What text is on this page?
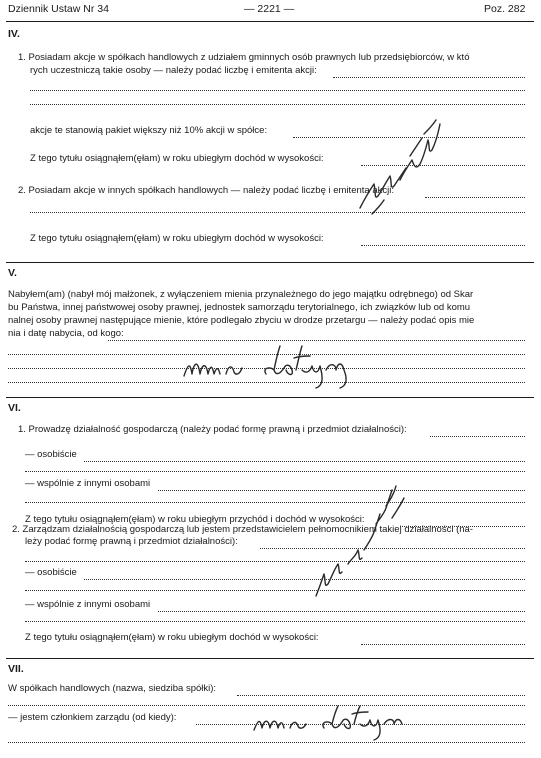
Dziennik Ustaw Nr 34	— 2221 —	Poz. 282
IV.
1. Posiadam akcje w spółkach handlowych z udziałem gminnych osób prawnych lub przedsiębiorców, w któ
rych uczestniczą takie osoby — należy podać liczbę i emitenta akcji:
akcje te stanowią pakiet większy niż 10% akcji w spółce:
Z tego tytułu osiągnąłem(ęłam) w roku ubiegłym dochód w wysokości:
2. Posiadam akcje w innych spółkach handlowych — należy podać liczbę i emitenta akcji:
Z tego tytułu osiągnąłem(ęłam) w roku ubiegłym dochód w wysokości:
V.
Nabyłem(am) (nabył mój małżonek, z wyłączeniem mienia przynależnego do jego majątku odrębnego) od Skar
bu Państwa, innej państwowej osoby prawnej, jednostek samorządu terytorialnego, ich związków lub od komu
nalnej osoby prawnej następujące mienie, które podlegało zbyciu w drodze przetargu — należy podać opis mie
nia i datę nabycia, od kogo:
VI.
1. Prowadzę działalność gospodarczą (należy podać formę prawną i przedmiot działalności):
— osobiście
— wspólnie z innymi osobami
Z tego tytułu osiągnąłem(ęłam) w roku ubiegłym przychód i dochód w wysokości:
2. Zarządzam działalnością gospodarczą lub jestem przedstawicielem pełnomocnikiem takiej działalności (na-
leży podać formę prawną i przedmiot działalności):
— osobiście
— wspólnie z innymi osobami
Z tego tytułu osiągnąłem(ęłam) w roku ubiegłym dochód w wysokości:
VII.
W spółkach handlowych (nazwa, siedziba spółki):
— jestem członkiem zarządu (od kiedy):
